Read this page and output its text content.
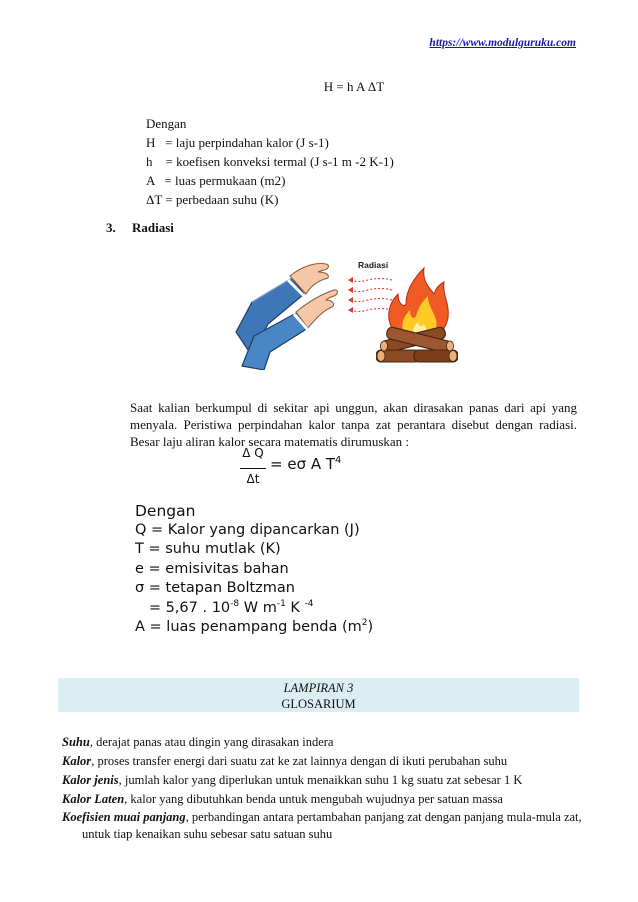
https://www.modulguruku.com
H = h A ΔT
Dengan
H   = laju perpindahan kalor (J s-1)
h    = koefisen konveksi termal (J s-1 m -2 K-1)
A   = luas permukaan (m2)
ΔT = perbedaan suhu (K)
3. Radiasi
Radiasi
Saat kalian berkumpul di sekitar api unggun, akan dirasakan panas dari api yang menyala. Peristiwa perpindahan kalor tanpa zat perantara disebut dengan radiasi. Besar laju aliran kalor secara matematis dirumuskan :
Δ Q
Δt
= eσ A $T^4$
Dengan
Q = Kalor yang dipancarkan (J)
T = suhu mutlak (K)
e = emisivitas bahan
σ = tetapan Boltzman
= 5,67 . $10^{-8}$ W $m^{-1}$ K $^{-4}$
A = luas penampang benda $(m^2)$
LAMPIRAN 3
GLOSARIUM
Suhu, derajat panas atau dingin yang dirasakan indera
Kalor, proses transfer energi dari suatu zat ke zat lainnya dengan di ikuti perubahan suhu
Kalor jenis, jumlah kalor yang diperlukan untuk menaikkan suhu 1 kg suatu zat sebesar 1 K
Kalor Laten, kalor yang dibutuhkan benda untuk mengubah wujudnya per satuan massa
Koefisien muai panjang, perbandingan antara pertambahan panjang zat dengan panjang mula-mula zat, untuk tiap kenaikan suhu sebesar satu satuan suhu
